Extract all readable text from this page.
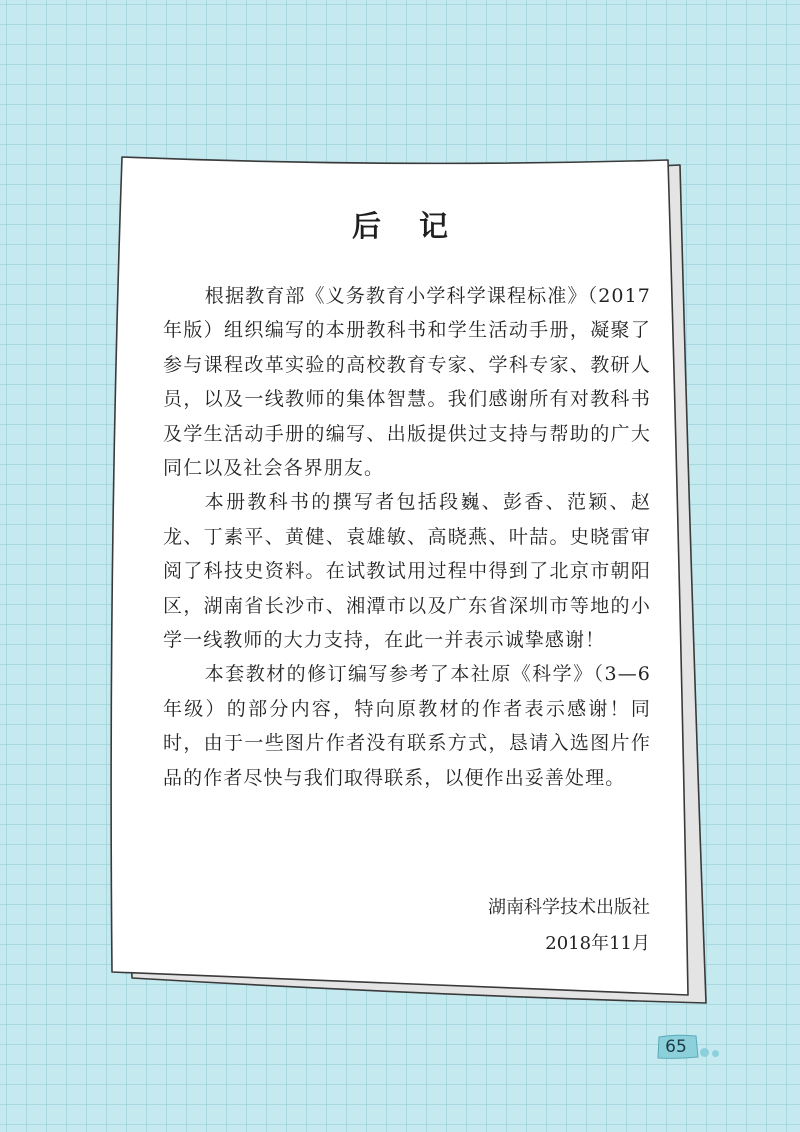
后 记

根据教育部《义务教育小学科学课程标准》（2017年版）组织编写的本册教科书和学生活动手册，凝聚了参与课程改革实验的高校教育专家、学科专家、教研人员，以及一线教师的集体智慧。我们感谢所有对教科书及学生活动手册的编写、出版提供过支持与帮助的广大同仁以及社会各界朋友。

本册教科书的撰写者包括段巍、彭香、范颖、赵龙、丁素平、黄健、袁雄敏、高晓燕、叶喆。史晓雷审阅了科技史资料。在试教试用过程中得到了北京市朝阳区，湖南省长沙市、湘潭市以及广东省深圳市等地的小学一线教师的大力支持，在此一并表示诚挚感谢！

本套教材的修订编写参考了本社原《科学》（3—6年级）的部分内容，特向原教材的作者表示感谢！同时，由于一些图片作者没有联系方式，恳请入选图片作品的作者尽快与我们取得联系，以便作出妥善处理。

湖南科学技术出版社
2018年11月
65
